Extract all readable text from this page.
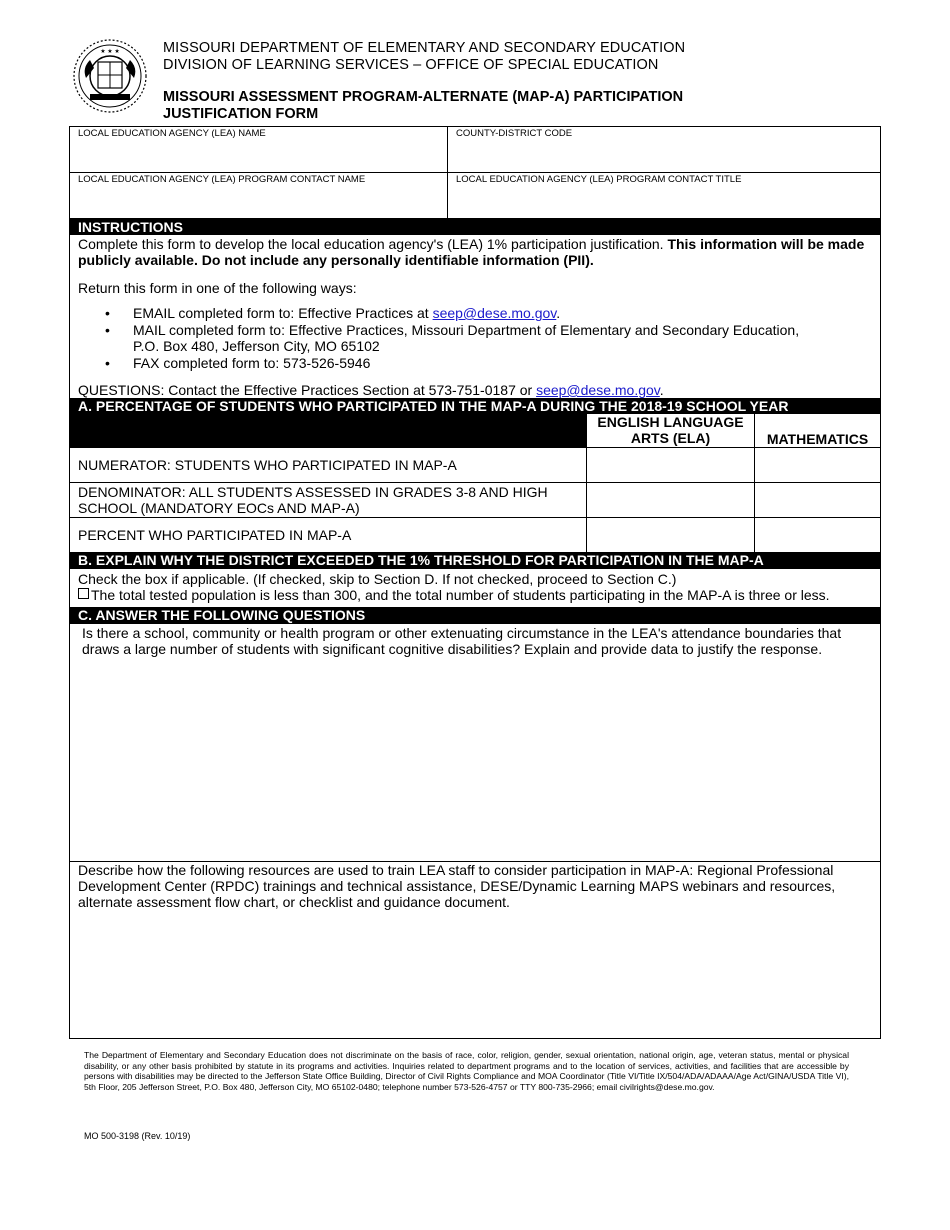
★ ★ ★	MISSOURI DEPARTMENT OF ELEMENTARY AND SECONDARY EDUCATION
DIVISION OF LEARNING SERVICES – OFFICE OF SPECIAL EDUCATION
MISSOURI ASSESSMENT PROGRAM-ALTERNATE (MAP-A) PARTICIPATION
JUSTIFICATION FORM
LOCAL EDUCATION AGENCY (LEA) NAME	COUNTY-DISTRICT CODE
LOCAL EDUCATION AGENCY (LEA) PROGRAM CONTACT NAME	LOCAL EDUCATION AGENCY (LEA) PROGRAM CONTACT TITLE
INSTRUCTIONS
Complete this form to develop the local education agency's (LEA) 1% participation justification. This information will be made publicly available. Do not include any personally identifiable information (PII).
Return this form in one of the following ways:
• EMAIL completed form to: Effective Practices at seep@dese.mo.gov.
• MAIL completed form to: Effective Practices, Missouri Department of Elementary and Secondary Education,
P.O. Box 480, Jefferson City, MO 65102
• FAX completed form to: 573-526-5946
QUESTIONS: Contact the Effective Practices Section at 573-751-0187 or seep@dese.mo.gov.
A. PERCENTAGE OF STUDENTS WHO PARTICIPATED IN THE MAP-A DURING THE 2018-19 SCHOOL YEAR
ENGLISH LANGUAGE
ARTS (ELA)	MATHEMATICS
NUMERATOR: STUDENTS WHO PARTICIPATED IN MAP-A
DENOMINATOR: ALL STUDENTS ASSESSED IN GRADES 3-8 AND HIGH
SCHOOL (MANDATORY EOCs AND MAP-A)
PERCENT WHO PARTICIPATED IN MAP-A
B. EXPLAIN WHY THE DISTRICT EXCEEDED THE 1% THRESHOLD FOR PARTICIPATION IN THE MAP-A
Check the box if applicable. (If checked, skip to Section D. If not checked, proceed to Section C.)
The total tested population is less than 300, and the total number of students participating in the MAP-A is three or less.
C. ANSWER THE FOLLOWING QUESTIONS
Is there a school, community or health program or other extenuating circumstance in the LEA's attendance boundaries that
draws a large number of students with significant cognitive disabilities? Explain and provide data to justify the response.
Describe how the following resources are used to train LEA staff to consider participation in MAP-A: Regional Professional
Development Center (RPDC) trainings and technical assistance, DESE/Dynamic Learning MAPS webinars and resources,
alternate assessment flow chart, or checklist and guidance document.
The Department of Elementary and Secondary Education does not discriminate on the basis of race, color, religion, gender, sexual orientation, national origin, age, veteran status, mental or physical disability, or any other basis prohibited by statute in its programs and activities. Inquiries related to department programs and to the location of services, activities, and facilities that are accessible by persons with disabilities may be directed to the Jefferson State Office Building, Director of Civil Rights Compliance and MOA Coordinator (Title VI/Title IX/504/ADA/ADAAA/Age Act/GINA/USDA Title VI), 5th Floor, 205 Jefferson Street, P.O. Box 480, Jefferson City, MO 65102-0480; telephone number 573-526-4757 or TTY 800-735-2966; email civilrights@dese.mo.gov.
MO 500-3198 (Rev. 10/19)
